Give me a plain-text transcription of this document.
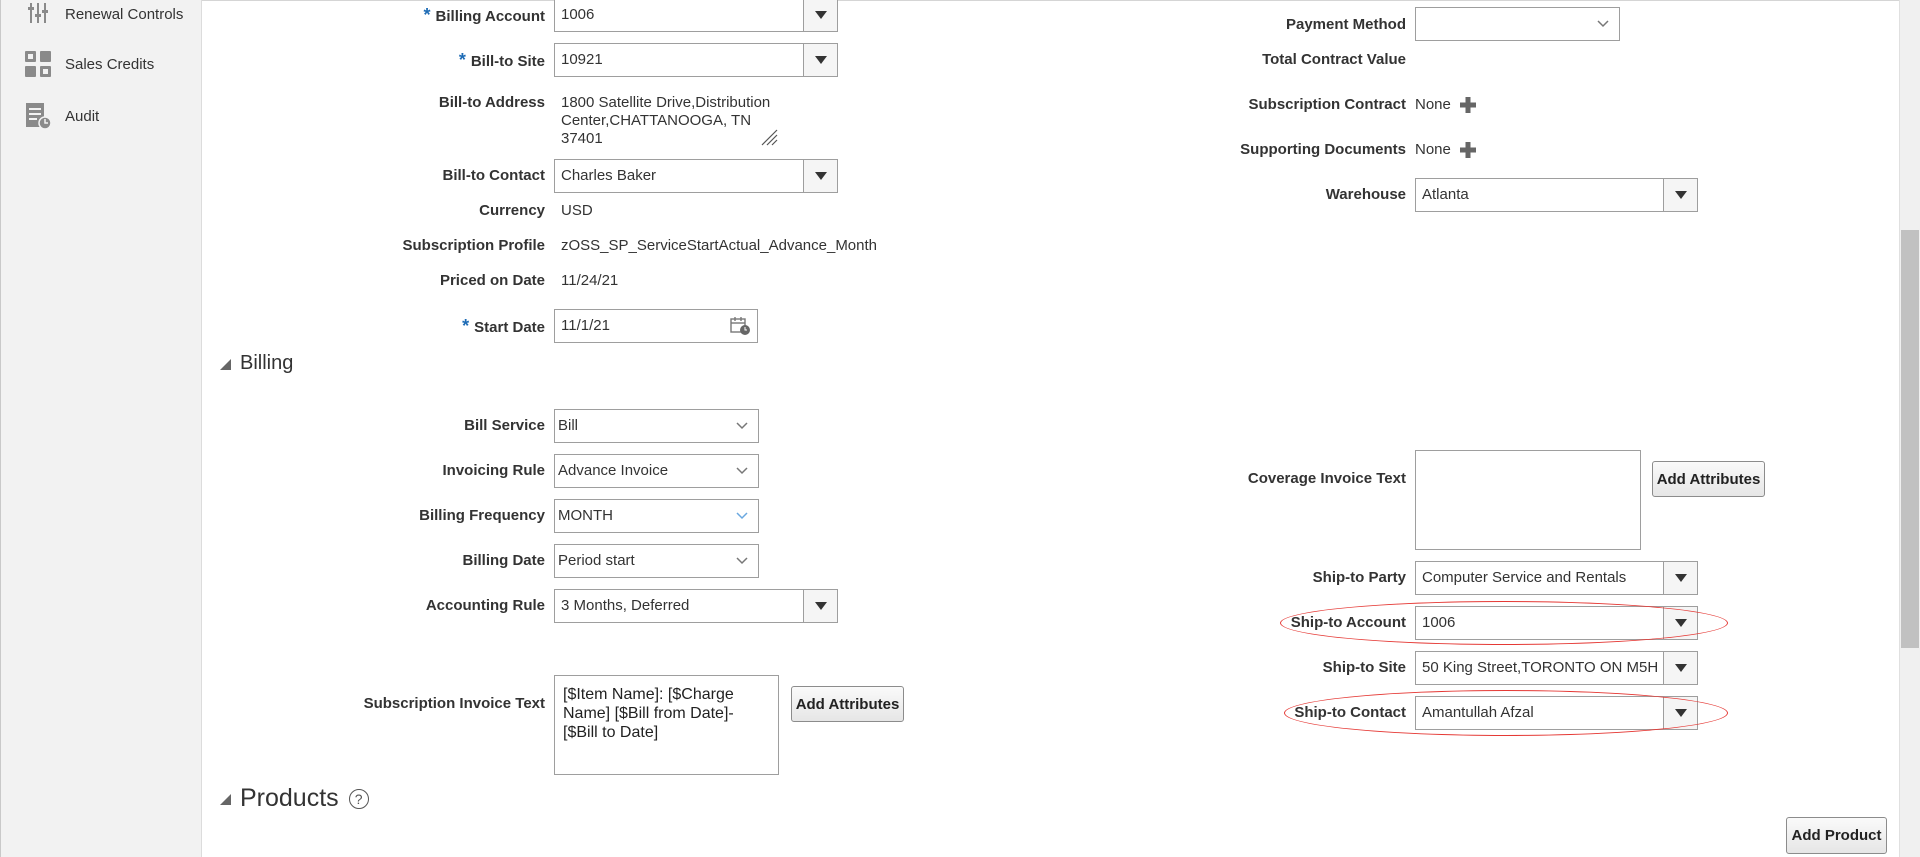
Renewal Controls
Sales Credits
Audit
* Billing Account 1006
* Bill-to Site 10921
Bill-to Address 1800 Satellite Drive,Distribution
Center,CHATTANOOGA, TN
37401
Bill-to Contact Charles Baker
Currency USD
Subscription Profile zOSS_SP_ServiceStartActual_Advance_Month
Priced on Date 11/24/21
* Start Date 11/1/21
Payment Method
Total Contract Value
Subscription Contract None
Supporting Documents None
Warehouse Atlanta
Billing
Bill Service Bill
Invoicing Rule Advance Invoice
Billing Frequency MONTH
Billing Date Period start
Accounting Rule 3 Months, Deferred
Subscription Invoice Text
[$Item Name]: [$Charge
Name] [$Bill from Date]-
[$Bill to Date]
Add Attributes
Coverage Invoice Text	Add Attributes
Ship-to Party Computer Service and Rentals
Ship-to Account 1006
Ship-to Site 50 King Street,TORONTO ON M5H
Ship-to Contact Amantullah Afzal
Products	?
Add Product
